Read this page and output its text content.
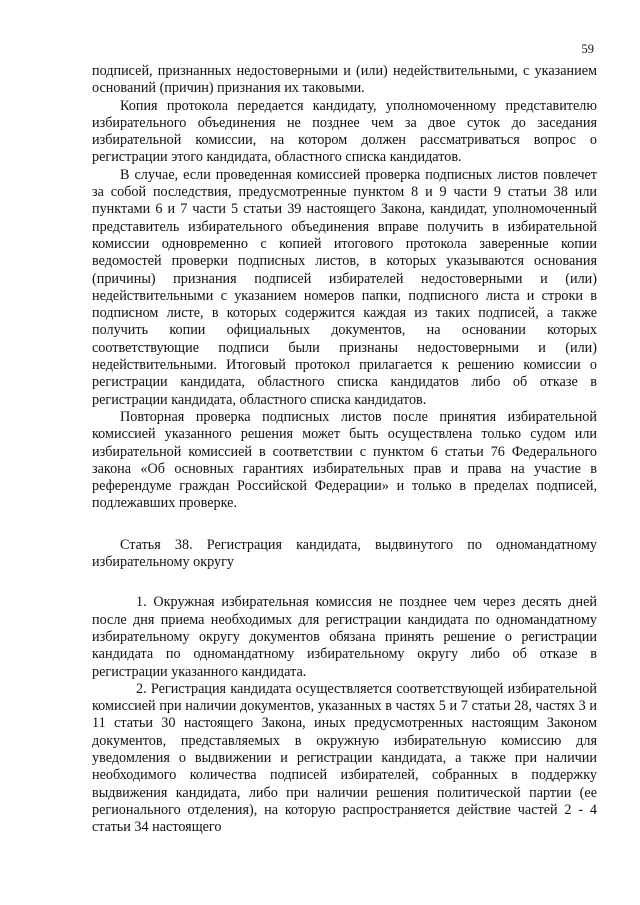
59

подписей, признанных недостоверными и (или) недействительными, с указанием оснований (причин) признания их таковыми.

Копия протокола передается кандидату, уполномоченному представителю избирательного объединения не позднее чем за двое суток до заседания избирательной комиссии, на котором должен рассматриваться вопрос о регистрации этого кандидата, областного списка кандидатов.

В случае, если проведенная комиссией проверка подписных листов повлечет за собой последствия, предусмотренные пунктом 8 и 9 части 9 статьи 38 или пунктами 6 и 7 части 5 статьи 39 настоящего Закона, кандидат, уполномоченный представитель избирательного объединения вправе получить в избирательной комиссии одновременно с копией итогового протокола заверенные копии ведомостей проверки подписных листов, в которых указываются основания (причины) признания подписей избирателей недостоверными и (или) недействительными с указанием номеров папки, подписного листа и строки в подписном листе, в которых содержится каждая из таких подписей, а также получить копии официальных документов, на основании которых соответствующие подписи были признаны недостоверными и (или) недействительными. Итоговый протокол прилагается к решению комиссии о регистрации кандидата, областного списка кандидатов либо об отказе в регистрации кандидата, областного списка кандидатов.

Повторная проверка подписных листов после принятия избирательной комиссией указанного решения может быть осуществлена только судом или избирательной комиссией в соответствии с пунктом 6 статьи 76 Федерального закона «Об основных гарантиях избирательных прав и права на участие в референдуме граждан Российской Федерации» и только в пределах подписей, подлежавших проверке.

Статья 38. Регистрация кандидата, выдвинутого по одномандатному избирательному округу

1. Окружная избирательная комиссия не позднее чем через десять дней после дня приема необходимых для регистрации кандидата по одномандатному избирательному округу документов обязана принять решение о регистрации кандидата по одномандатному избирательному округу либо об отказе в регистрации указанного кандидата.

2. Регистрация кандидата осуществляется соответствующей избирательной комиссией при наличии документов, указанных в частях 5 и 7 статьи 28, частях 3 и 11 статьи 30 настоящего Закона, иных предусмотренных настоящим Законом документов, представляемых в окружную избирательную комиссию для уведомления о выдвижении и регистрации кандидата, а также при наличии необходимого количества подписей избирателей, собранных в поддержку выдвижения кандидата, либо при наличии решения политической партии (ее регионального отделения), на которую распространяется действие частей 2 - 4 статьи 34 настоящего
